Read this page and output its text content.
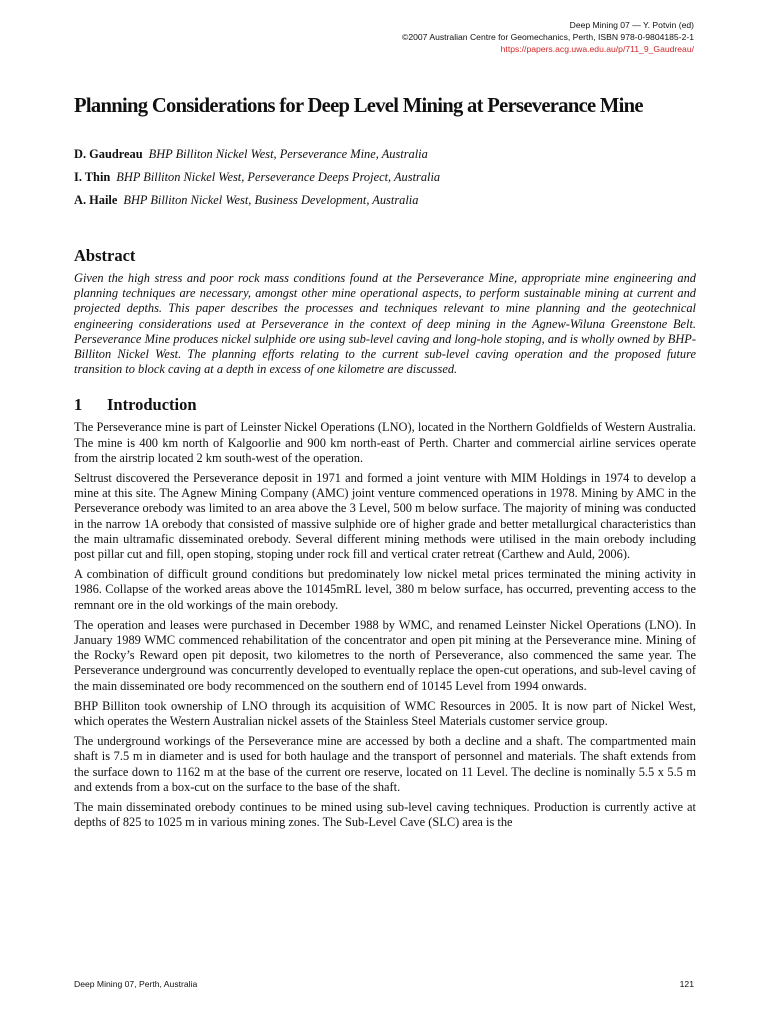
Deep Mining 07 — Y. Potvin (ed)
©2007 Australian Centre for Geomechanics, Perth, ISBN 978-0-9804185-2-1
https://papers.acg.uwa.edu.au/p/711_9_Gaudreau/
Planning Considerations for Deep Level Mining at Perseverance Mine
D. Gaudreau BHP Billiton Nickel West, Perseverance Mine, Australia
I. Thin BHP Billiton Nickel West, Perseverance Deeps Project, Australia
A. Haile BHP Billiton Nickel West, Business Development, Australia
Abstract

Given the high stress and poor rock mass conditions found at the Perseverance Mine, appropriate mine engineering and planning techniques are necessary, amongst other mine operational aspects, to perform sustainable mining at current and projected depths. This paper describes the processes and techniques relevant to mine planning and the geotechnical engineering considerations used at Perseverance in the context of deep mining in the Agnew-Wiluna Greenstone Belt. Perseverance Mine produces nickel sulphide ore using sub-level caving and long-hole stoping, and is wholly owned by BHP-Billiton Nickel West. The planning efforts relating to the current sub-level caving operation and the proposed future transition to block caving at a depth in excess of one kilometre are discussed.

1 Introduction

The Perseverance mine is part of Leinster Nickel Operations (LNO), located in the Northern Goldfields of Western Australia. The mine is 400 km north of Kalgoorlie and 900 km north-east of Perth. Charter and commercial airline services operate from the airstrip located 2 km south-west of the operation.

Seltrust discovered the Perseverance deposit in 1971 and formed a joint venture with MIM Holdings in 1974 to develop a mine at this site. The Agnew Mining Company (AMC) joint venture commenced operations in 1978. Mining by AMC in the Perseverance orebody was limited to an area above the 3 Level, 500 m below surface. The majority of mining was conducted in the narrow 1A orebody that consisted of massive sulphide ore of higher grade and better metallurgical characteristics than the main ultramafic disseminated orebody. Several different mining methods were utilised in the main orebody including post pillar cut and fill, open stoping, stoping under rock fill and vertical crater retreat (Carthew and Auld, 2006).

A combination of difficult ground conditions but predominately low nickel metal prices terminated the mining activity in 1986. Collapse of the worked areas above the 10145mRL level, 380 m below surface, has occurred, preventing access to the remnant ore in the old workings of the main orebody.

The operation and leases were purchased in December 1988 by WMC, and renamed Leinster Nickel Operations (LNO). In January 1989 WMC commenced rehabilitation of the concentrator and open pit mining at the Perseverance mine. Mining of the Rocky’s Reward open pit deposit, two kilometres to the north of Perseverance, also commenced the same year. The Perseverance underground was concurrently developed to eventually replace the open-cut operations, and sub-level caving of the main disseminated ore body recommenced on the southern end of 10145 Level from 1994 onwards.

BHP Billiton took ownership of LNO through its acquisition of WMC Resources in 2005. It is now part of Nickel West, which operates the Western Australian nickel assets of the Stainless Steel Materials customer service group.

The underground workings of the Perseverance mine are accessed by both a decline and a shaft. The compartmented main shaft is 7.5 m in diameter and is used for both haulage and the transport of personnel and materials. The shaft extends from the surface down to 1162 m at the base of the current ore reserve, located on 11 Level. The decline is nominally 5.5 x 5.5 m and extends from a box-cut on the surface to the base of the shaft.

The main disseminated orebody continues to be mined using sub-level caving techniques. Production is currently active at depths of 825 to 1025 m in various mining zones. The Sub-Level Cave (SLC) area is the

Deep Mining 07, Perth, Australia	121
